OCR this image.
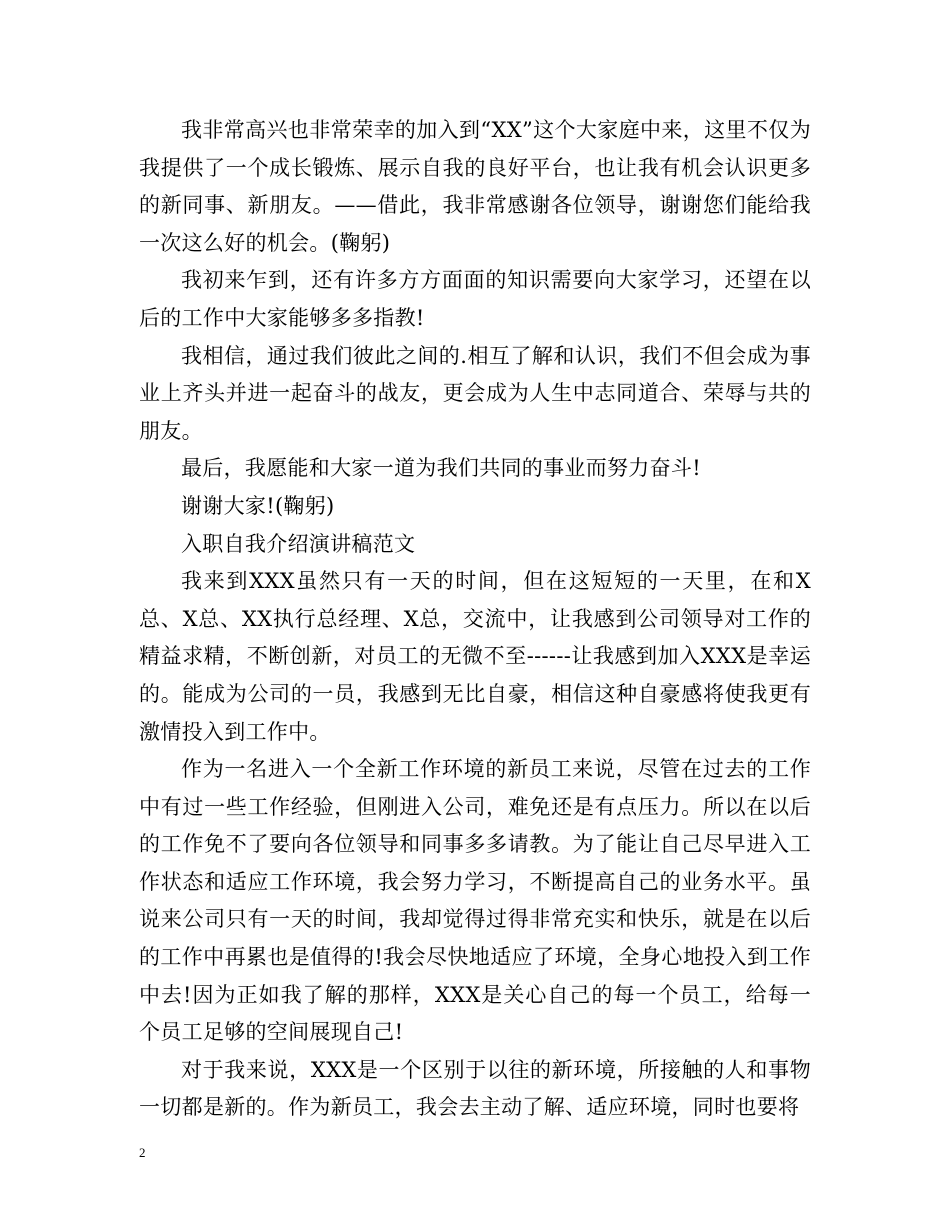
我非常高兴也非常荣幸的加入到“XX”这个大家庭中来，这里不仅为我提供了一个成长锻炼、展示自我的良好平台，也让我有机会认识更多的新同事、新朋友。——借此，我非常感谢各位领导，谢谢您们能给我一次这么好的机会。(鞠躬)

我初来乍到，还有许多方方面面的知识需要向大家学习，还望在以后的工作中大家能够多多指教!

我相信，通过我们彼此之间的.相互了解和认识，我们不但会成为事业上齐头并进一起奋斗的战友，更会成为人生中志同道合、荣辱与共的朋友。

最后，我愿能和大家一道为我们共同的事业而努力奋斗!

谢谢大家!(鞠躬)

入职自我介绍演讲稿范文

我来到XXX虽然只有一天的时间，但在这短短的一天里，在和X总、X总、XX执行总经理、X总，交流中，让我感到公司领导对工作的精益求精，不断创新，对员工的无微不至------让我感到加入XXX是幸运的。能成为公司的一员，我感到无比自豪，相信这种自豪感将使我更有激情投入到工作中。

作为一名进入一个全新工作环境的新员工来说，尽管在过去的工作中有过一些工作经验，但刚进入公司，难免还是有点压力。所以在以后的工作免不了要向各位领导和同事多多请教。为了能让自己尽早进入工作状态和适应工作环境，我会努力学习，不断提高自己的业务水平。虽说来公司只有一天的时间，我却觉得过得非常充实和快乐，就是在以后的工作中再累也是值得的!我会尽快地适应了环境，全身心地投入到工作中去!因为正如我了解的那样，XXX是关心自己的每一个员工，给每一个员工足够的空间展现自己!

对于我来说，XXX是一个区别于以往的新环境，所接触的人和事物一切都是新的。作为新员工，我会去主动了解、适应环境，同时也要将

2
